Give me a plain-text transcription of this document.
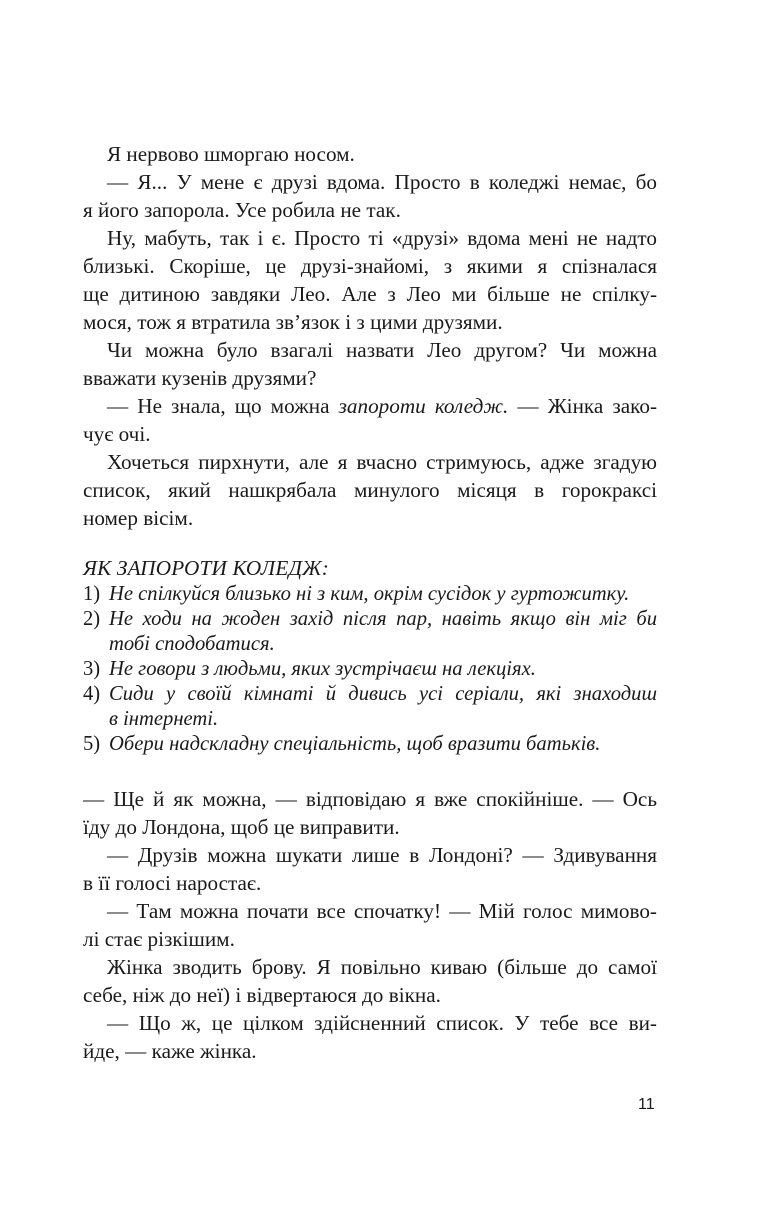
Я нервово шморгаю носом.
— Я... У мене є друзі вдома. Просто в коледжі немає, бо
я його запорола. Усе робила не так.
Ну, мабуть, так і є. Просто ті «друзі» вдома мені не надто
близькі. Скоріше, це друзі-знайомі, з якими я спізналася
ще дитиною завдяки Лео. Але з Лео ми більше не спілку-
мося, тож я втратила зв’язок і з цими друзями.
Чи можна було взагалі назвати Лео другом? Чи можна
вважати кузенів друзями?
— Не знала, що можна запороти коледж. — Жінка зако-
чує очі.
Хочеться пирхнути, але я вчасно стримуюсь, адже згадую
список, який нашкрябала минулого місяця в горокраксі
номер вісім.
ЯК ЗАПОРОТИ КОЛЕДЖ:
1) Не спілкуйся близько ні з ким, окрім сусідок у гуртожитку.
2) Не ходи на жоден захід після пар, навіть якщо він міг би
тобі сподобатися.
3) Не говори з людьми, яких зустрічаєш на лекціях.
4) Сиди у своїй кімнаті й дивись усі серіали, які знаходиш
в інтернеті.
5) Обери надскладну спеціальність, щоб вразити батьків.
— Ще й як можна, — відповідаю я вже спокійніше. — Ось
їду до Лондона, щоб це виправити.
— Друзів можна шукати лише в Лондоні? — Здивування
в її голосі наростає.
— Там можна почати все спочатку! — Мій голос мимово-
лі стає різкішим.
Жінка зводить брову. Я повільно киваю (більше до самої
себе, ніж до неї) і відвертаюся до вікна.
— Що ж, це цілком здійсненний список. У тебе все ви-
йде, — каже жінка.
11
